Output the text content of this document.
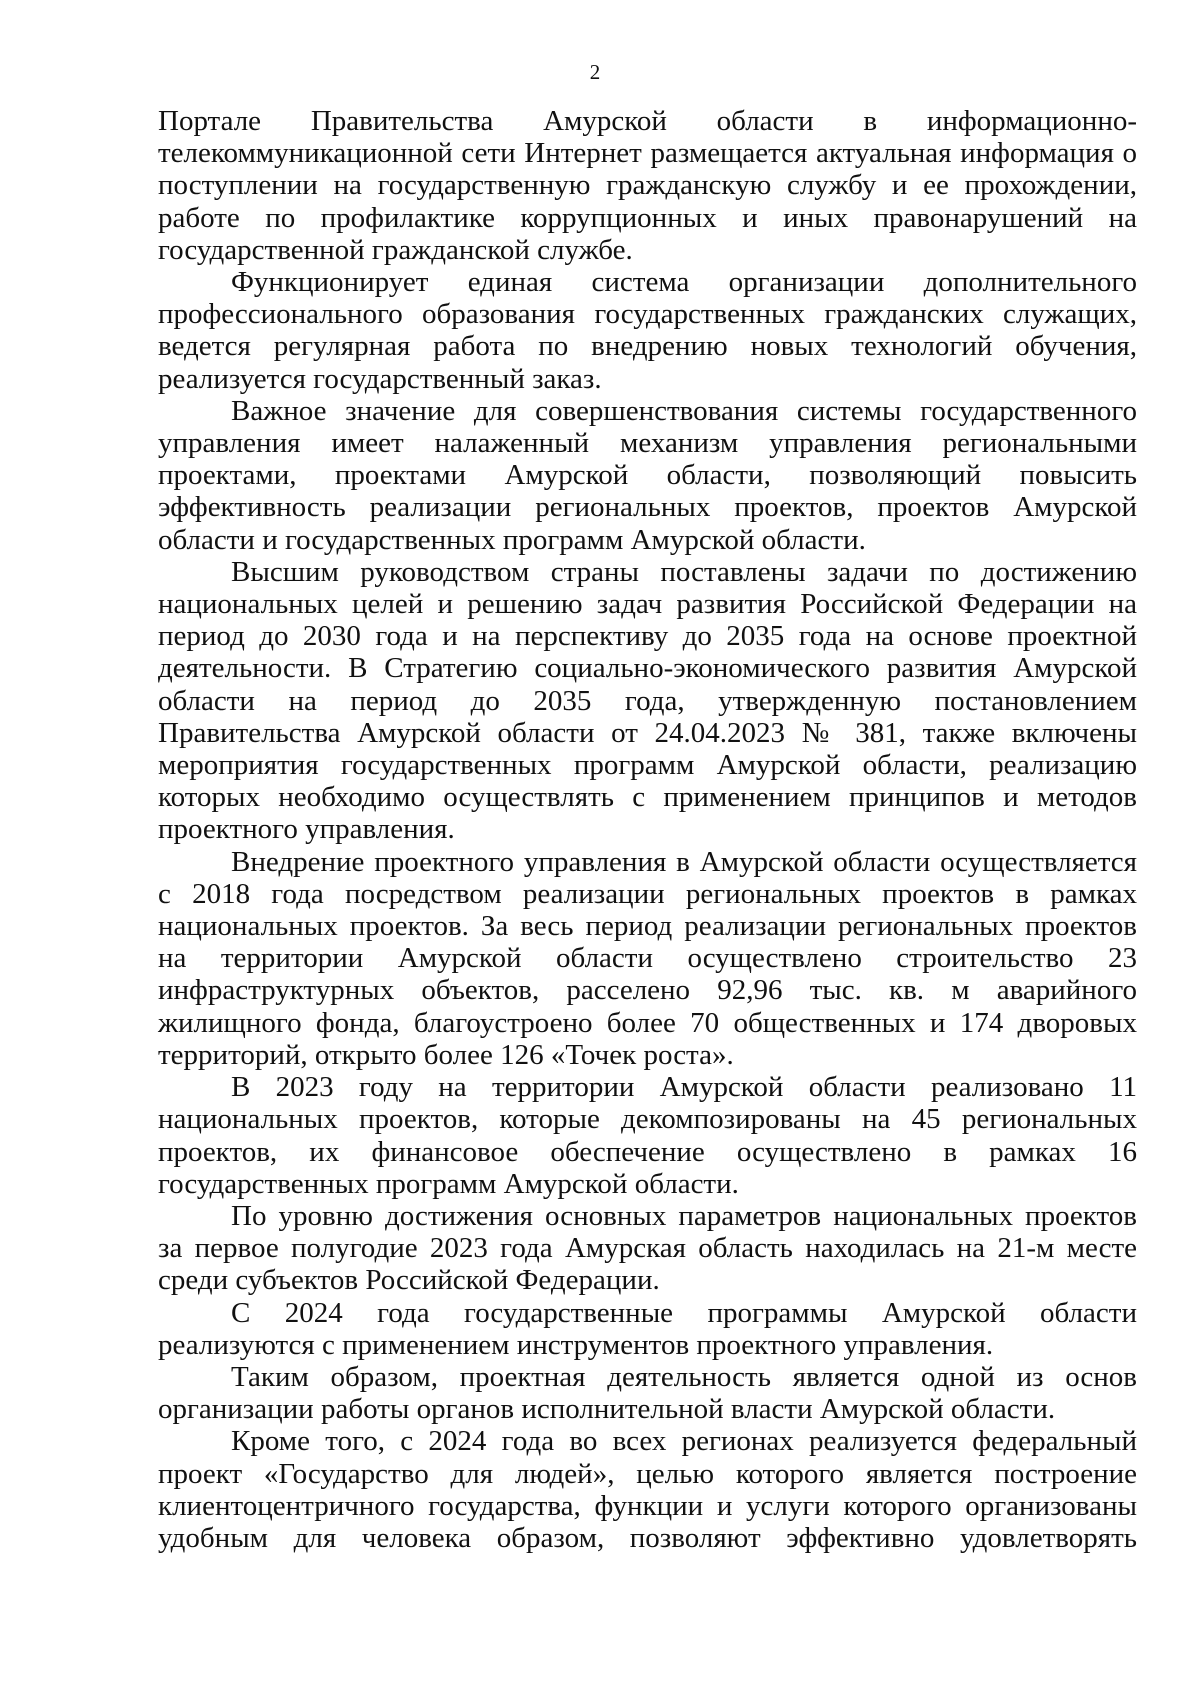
2

Портале Правительства Амурской области в информационно-телекоммуникационной сети Интернет размещается актуальная информация о поступлении на государственную гражданскую службу и ее прохождении, работе по профилактике коррупционных и иных правонарушений на государственной гражданской службе.

Функционирует единая система организации дополнительного профессионального образования государственных гражданских служащих, ведется регулярная работа по внедрению новых технологий обучения, реализуется государственный заказ.

Важное значение для совершенствования системы государственного управления имеет налаженный механизм управления региональными проектами, проектами Амурской области, позволяющий повысить эффективность реализации региональных проектов, проектов Амурской области и государственных программ Амурской области.

Высшим руководством страны поставлены задачи по достижению национальных целей и решению задач развития Российской Федерации на период до 2030 года и на перспективу до 2035 года на основе проектной деятельности. В Стратегию социально-экономического развития Амурской области на период до 2035 года, утвержденную постановлением Правительства Амурской области от 24.04.2023 № 381, также включены мероприятия государственных программ Амурской области, реализацию которых необходимо осуществлять с применением принципов и методов проектного управления.

Внедрение проектного управления в Амурской области осуществляется с 2018 года посредством реализации региональных проектов в рамках национальных проектов. За весь период реализации региональных проектов на территории Амурской области осуществлено строительство 23 инфраструктурных объектов, расселено 92,96 тыс. кв. м аварийного жилищного фонда, благоустроено более 70 общественных и 174 дворовых территорий, открыто более 126 «Точек роста».

В 2023 году на территории Амурской области реализовано 11 национальных проектов, которые декомпозированы на 45 региональных проектов, их финансовое обеспечение осуществлено в рамках 16 государственных программ Амурской области.

По уровню достижения основных параметров национальных проектов за первое полугодие 2023 года Амурская область находилась на 21-м месте среди субъектов Российской Федерации.

С 2024 года государственные программы Амурской области реализуются с применением инструментов проектного управления.

Таким образом, проектная деятельность является одной из основ организации работы органов исполнительной власти Амурской области.

Кроме того, с 2024 года во всех регионах реализуется федеральный проект «Государство для людей», целью которого является построение клиентоцентричного государства, функции и услуги которого организованы удобным для человека образом, позволяют эффективно удовлетворять
